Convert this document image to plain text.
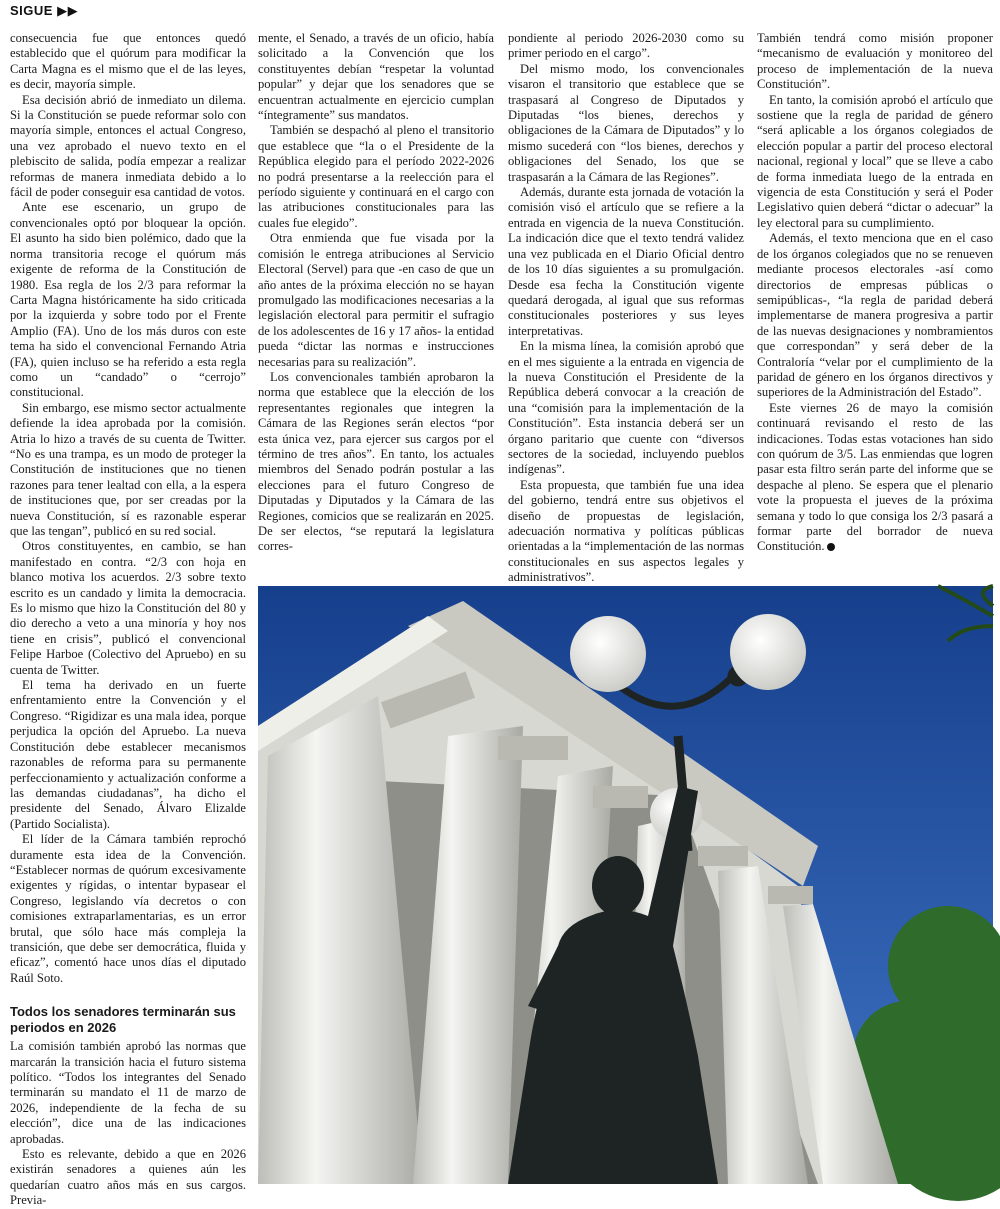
SIGUE ▶▶

consecuencia fue que entonces quedó establecido que el quórum para modificar la Carta Magna es el mismo que el de las leyes, es decir, mayoría simple.

Esa decisión abrió de inmediato un dilema. Si la Constitución se puede reformar solo con mayoría simple, entonces el actual Congreso, una vez aprobado el nuevo texto en el plebiscito de salida, podía empezar a realizar reformas de manera inmediata debido a lo fácil de poder conseguir esa cantidad de votos.

Ante ese escenario, un grupo de convencionales optó por bloquear la opción. El asunto ha sido bien polémico, dado que la norma transitoria recoge el quórum más exigente de reforma de la Constitución de 1980. Esa regla de los 2/3 para reformar la Carta Magna históricamente ha sido criticada por la izquierda y sobre todo por el Frente Amplio (FA). Uno de los más duros con este tema ha sido el convencional Fernando Atria (FA), quien incluso se ha referido a esta regla como un “candado” o “cerrojo” constitucional.

Sin embargo, ese mismo sector actualmente defiende la idea aprobada por la comisión. Atria lo hizo a través de su cuenta de Twitter. “No es una trampa, es un modo de proteger la Constitución de instituciones que no tienen razones para tener lealtad con ella, a la espera de instituciones que, por ser creadas por la nueva Constitución, sí es razonable esperar que las tengan”, publicó en su red social.

Otros constituyentes, en cambio, se han manifestado en contra. “2/3 con hoja en blanco motiva los acuerdos. 2/3 sobre texto escrito es un candado y limita la democracia. Es lo mismo que hizo la Constitución del 80 y dio derecho a veto a una minoría y hoy nos tiene en crisis”, publicó el convencional Felipe Harboe (Colectivo del Apruebo) en su cuenta de Twitter.

El tema ha derivado en un fuerte enfrentamiento entre la Convención y el Congreso. “Rigidizar es una mala idea, porque perjudica la opción del Apruebo. La nueva Constitución debe establecer mecanismos razonables de reforma para su permanente perfeccionamiento y actualización conforme a las demandas ciudadanas”, ha dicho el presidente del Senado, Álvaro Elizalde (Partido Socialista).

El líder de la Cámara también reprochó duramente esta idea de la Convención. “Establecer normas de quórum excesivamente exigentes y rígidas, o intentar bypasear el Congreso, legislando vía decretos o con comisiones extraparlamentarias, es un error brutal, que sólo hace más compleja la transición, que debe ser democrática, fluida y eficaz”, comentó hace unos días el diputado Raúl Soto.

Todos los senadores terminarán sus periodos en 2026

La comisión también aprobó las normas que marcarán la transición hacia el futuro sistema político. “Todos los integrantes del Senado terminarán su mandato el 11 de marzo de 2026, independiente de la fecha de su elección”, dice una de las indicaciones aprobadas.

Esto es relevante, debido a que en 2026 existirán senadores a quienes aún les quedarían cuatro años más en sus cargos. Previa-

mente, el Senado, a través de un oficio, había solicitado a la Convención que los constituyentes debían “respetar la voluntad popular” y dejar que los senadores que se encuentran actualmente en ejercicio cumplan “íntegramente” sus mandatos.

También se despachó al pleno el transitorio que establece que “la o el Presidente de la República elegido para el período 2022-2026 no podrá presentarse a la reelección para el período siguiente y continuará en el cargo con las atribuciones constitucionales para las cuales fue elegido”.

Otra enmienda que fue visada por la comisión le entrega atribuciones al Servicio Electoral (Servel) para que -en caso de que un año antes de la próxima elección no se hayan promulgado las modificaciones necesarias a la legislación electoral para permitir el sufragio de los adolescentes de 16 y 17 años- la entidad pueda “dictar las normas e instrucciones necesarias para su realización”.

Los convencionales también aprobaron la norma que establece que la elección de los representantes regionales que integren la Cámara de las Regiones serán electos “por esta única vez, para ejercer sus cargos por el término de tres años”. En tanto, los actuales miembros del Senado podrán postular a las elecciones para el futuro Congreso de Diputadas y Diputados y la Cámara de las Regiones, comicios que se realizarán en 2025. De ser electos, “se reputará la legislatura corres-

pondiente al periodo 2026-2030 como su primer periodo en el cargo”.

Del mismo modo, los convencionales visaron el transitorio que establece que se traspasará al Congreso de Diputados y Diputadas “los bienes, derechos y obligaciones de la Cámara de Diputados” y lo mismo sucederá con “los bienes, derechos y obligaciones del Senado, los que se traspasarán a la Cámara de las Regiones”.

Además, durante esta jornada de votación la comisión visó el artículo que se refiere a la entrada en vigencia de la nueva Constitución. La indicación dice que el texto tendrá validez una vez publicada en el Diario Oficial dentro de los 10 días siguientes a su promulgación. Desde esa fecha la Constitución vigente quedará derogada, al igual que sus reformas constitucionales posteriores y sus leyes interpretativas.

En la misma línea, la comisión aprobó que en el mes siguiente a la entrada en vigencia de la nueva Constitución el Presidente de la República deberá convocar a la creación de una “comisión para la implementación de la Constitución”. Esta instancia deberá ser un órgano paritario que cuente con “diversos sectores de la sociedad, incluyendo pueblos indígenas”.

Esta propuesta, que también fue una idea del gobierno, tendrá entre sus objetivos el diseño de propuestas de legislación, adecuación normativa y políticas públicas orientadas a la “implementación de las normas constitucionales en sus aspectos legales y administrativos”.

También tendrá como misión proponer “mecanismo de evaluación y monitoreo del proceso de implementación de la nueva Constitución”.

En tanto, la comisión aprobó el artículo que sostiene que la regla de paridad de género “será aplicable a los órganos colegiados de elección popular a partir del proceso electoral nacional, regional y local” que se lleve a cabo de forma inmediata luego de la entrada en vigencia de esta Constitución y será el Poder Legislativo quien deberá “dictar o adecuar” la ley electoral para su cumplimiento.

Además, el texto menciona que en el caso de los órganos colegiados que no se renueven mediante procesos electorales -así como directorios de empresas públicas o semipúblicas-, “la regla de paridad deberá implementarse de manera progresiva a partir de las nuevas designaciones y nombramientos que correspondan” y será deber de la Contraloría “velar por el cumplimiento de la paridad de género en los órganos directivos y superiores de la Administración del Estado”.

Este viernes 26 de mayo la comisión continuará revisando el resto de las indicaciones. Todas estas votaciones han sido con quórum de 3/5. Las enmiendas que logren pasar esta filtro serán parte del informe que se despache al pleno. Se espera que el plenario vote la propuesta el jueves de la próxima semana y todo lo que consiga los 2/3 pasará a formar parte del borrador de nueva Constitución.
